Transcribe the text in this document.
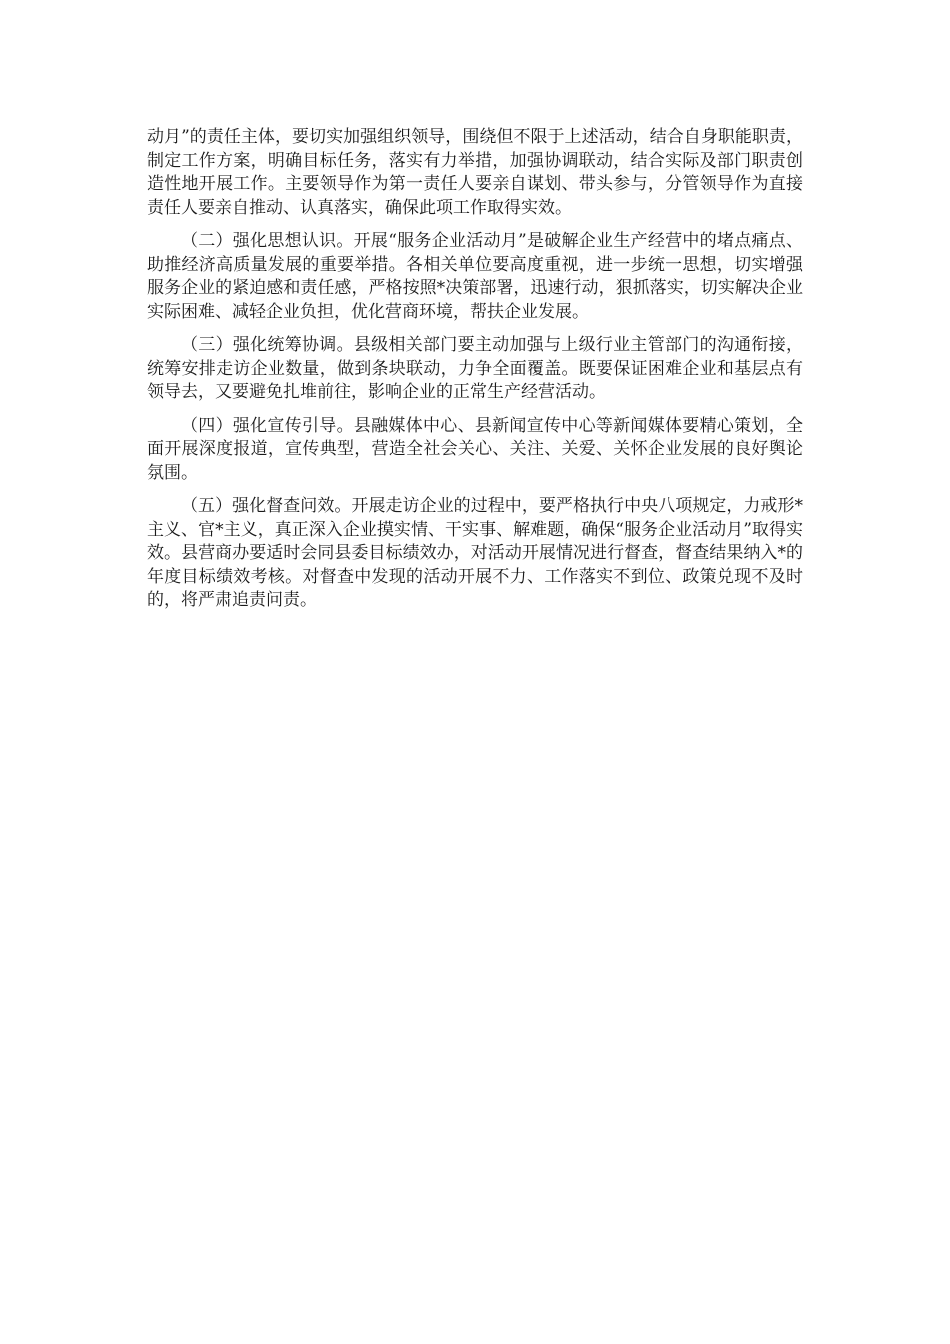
动月”的责任主体，要切实加强组织领导，围绕但不限于上述活动，结合自身职能职责，制定工作方案，明确目标任务，落实有力举措，加强协调联动，结合实际及部门职责创造性地开展工作。主要领导作为第一责任人要亲自谋划、带头参与，分管领导作为直接责任人要亲自推动、认真落实，确保此项工作取得实效。

（二）强化思想认识。开展“服务企业活动月”是破解企业生产经营中的堵点痛点、助推经济高质量发展的重要举措。各相关单位要高度重视，进一步统一思想，切实增强服务企业的紧迫感和责任感，严格按照*决策部署，迅速行动，狠抓落实，切实解决企业实际困难、减轻企业负担，优化营商环境，帮扶企业发展。

（三）强化统筹协调。县级相关部门要主动加强与上级行业主管部门的沟通衔接，统筹安排走访企业数量，做到条块联动，力争全面覆盖。既要保证困难企业和基层点有领导去，又要避免扎堆前往，影响企业的正常生产经营活动。

（四）强化宣传引导。县融媒体中心、县新闻宣传中心等新闻媒体要精心策划，全面开展深度报道，宣传典型，营造全社会关心、关注、关爱、关怀企业发展的良好舆论氛围。

（五）强化督查问效。开展走访企业的过程中，要严格执行中央八项规定，力戒形*主义、官*主义，真正深入企业摸实情、干实事、解难题，确保“服务企业活动月”取得实效。县营商办要适时会同县委目标绩效办，对活动开展情况进行督查，督查结果纳入*的年度目标绩效考核。对督查中发现的活动开展不力、工作落实不到位、政策兑现不及时的，将严肃追责问责。
